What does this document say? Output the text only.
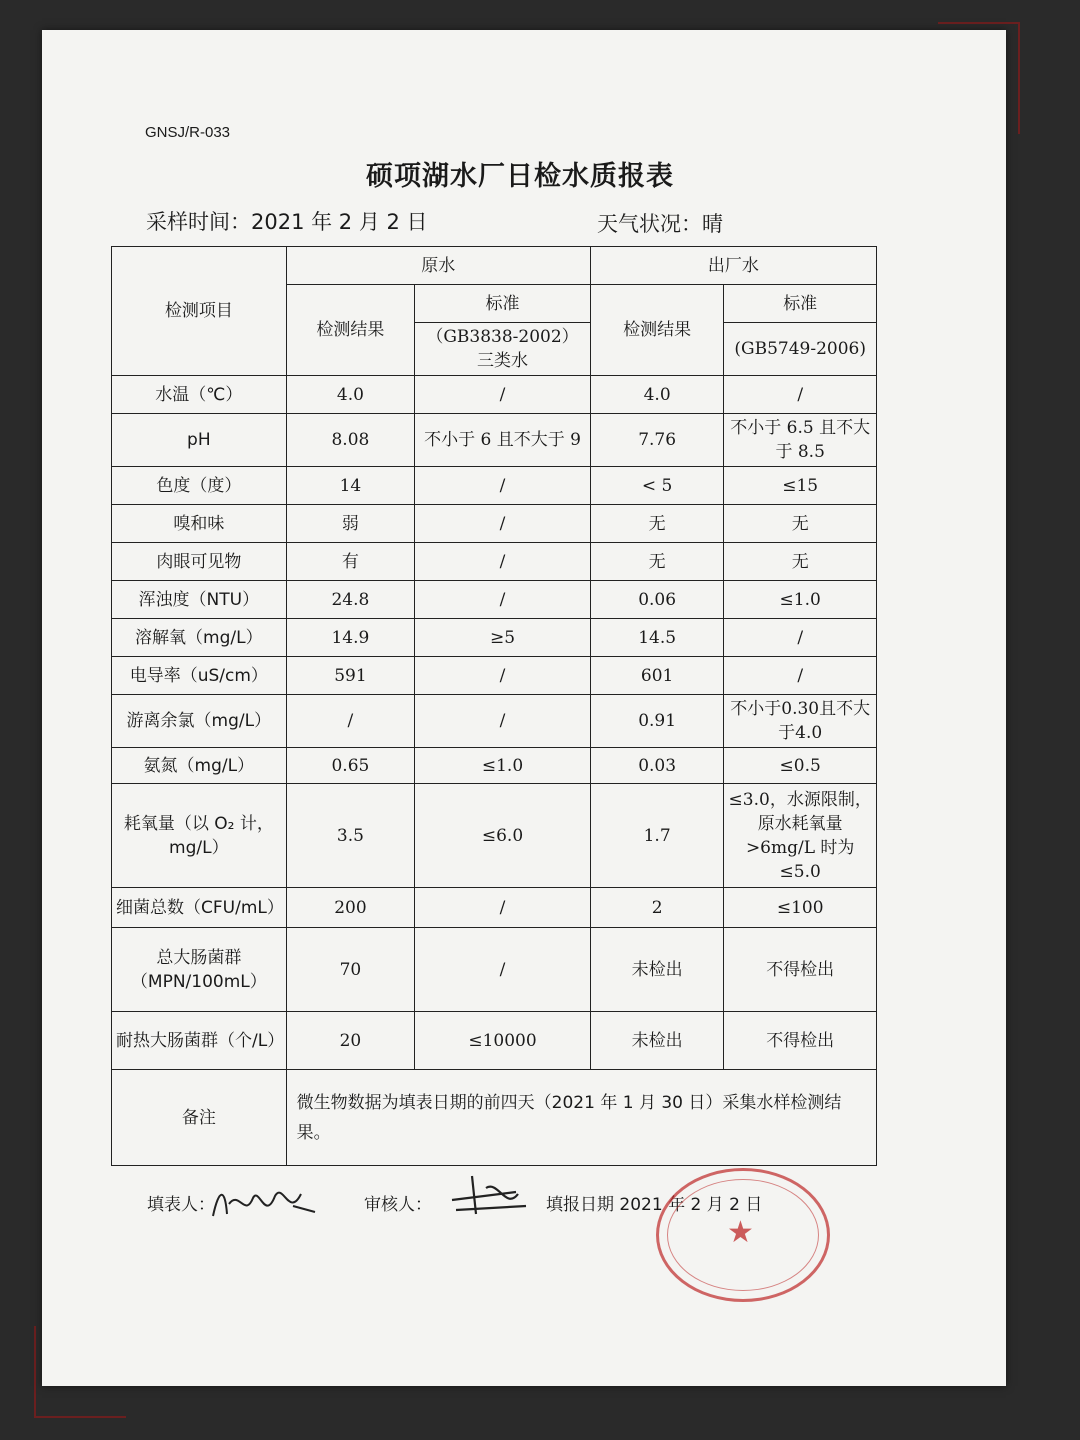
GNSJ/R-033
硕项湖水厂日检水质报表
采样时间：2021 年 2 月 2 日	天气状况：晴
检测项目	原水		出厂水	
	检测结果	标准	检测结果	标准
		（GB3838-2002）三类水		(GB5749-2006)
水温（℃）	4.0	/	4.0	/
pH	8.08	不小于 6 且不大于 9	7.76	不小于 6.5 且不大于 8.5
色度（度）	14	/	< 5	≤15
嗅和味	弱	/	无	无
肉眼可见物	有	/	无	无
浑浊度（NTU）	24.8	/	0.06	≤1.0
溶解氧（mg/L）	14.9	≥5	14.5	/
电导率（uS/cm）	591	/	601	/
游离余氯（mg/L）	/	/	0.91	不小于0.30且不大于4.0
氨氮（mg/L）	0.65	≤1.0	0.03	≤0.5
耗氧量（以 O₂ 计，mg/L）	3.5	≤6.0	1.7	≤3.0，水源限制，原水耗氧量>6mg/L 时为≤5.0
细菌总数（CFU/mL）	200	/	2	≤100
总大肠菌群（MPN/100mL）	70	/	未检出	不得检出
耐热大肠菌群（个/L）	20	≤10000	未检出	不得检出
备注	微生物数据为填表日期的前四天（2021 年 1 月 30 日）采集水样检测结果。			
填表人：	审核人：	填报日期 2021 年 2 月 2 日
★
